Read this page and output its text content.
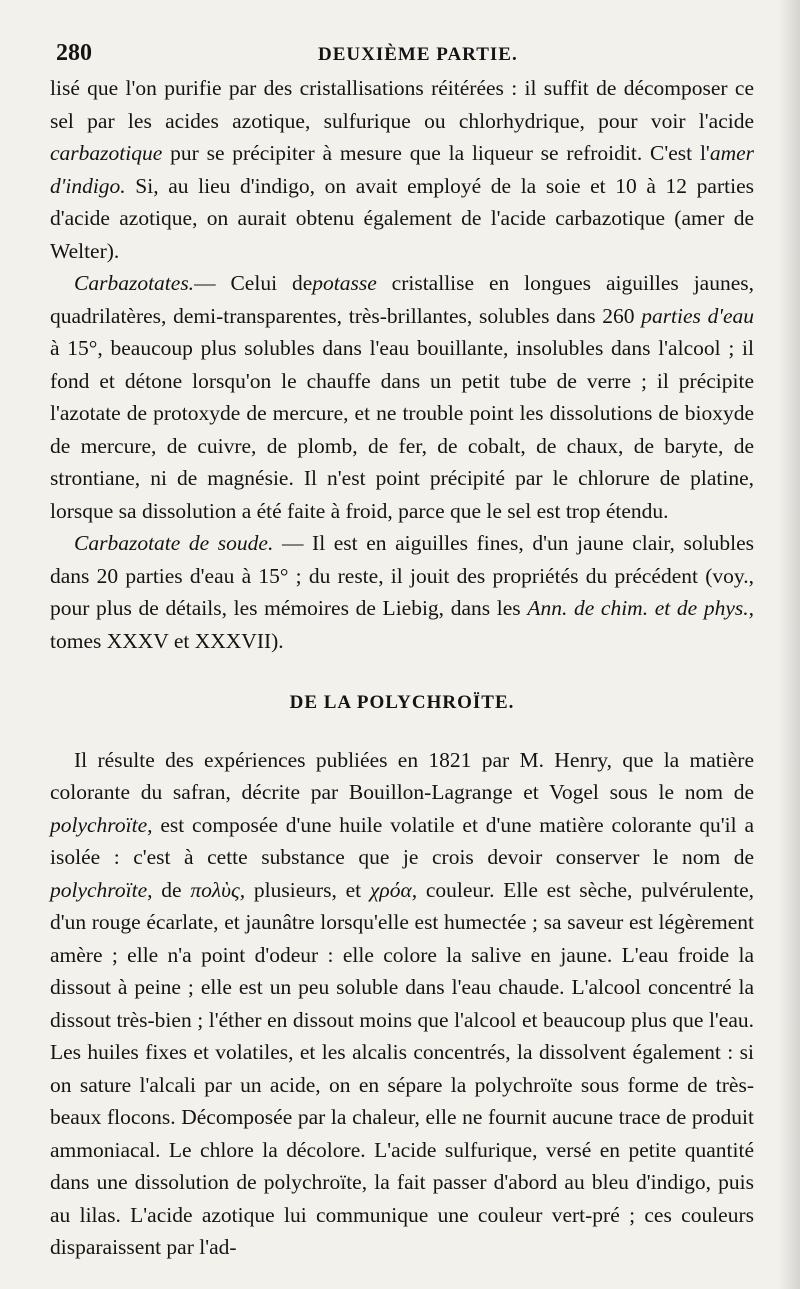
280	DEUXIÈME PARTIE.

lisé que l'on purifie par des cristallisations réitérées : il suffit de décomposer ce sel par les acides azotique, sulfurique ou chlorhydrique, pour voir l'acide carbazotique pur se précipiter à mesure que la liqueur se refroidit. C'est l'amer d'indigo. Si, au lieu d'indigo, on avait employé de la soie et 10 à 12 parties d'acide azotique, on aurait obtenu également de l'acide carbazotique (amer de Welter).

Carbazotates.— Celui depotasse cristallise en longues aiguilles jaunes, quadrilatères, demi-transparentes, très-brillantes, solubles dans 260 parties d'eau à 15°, beaucoup plus solubles dans l'eau bouillante, insolubles dans l'alcool ; il fond et détone lorsqu'on le chauffe dans un petit tube de verre ; il précipite l'azotate de protoxyde de mercure, et ne trouble point les dissolutions de bioxyde de mercure, de cuivre, de plomb, de fer, de cobalt, de chaux, de baryte, de strontiane, ni de magnésie. Il n'est point précipité par le chlorure de platine, lorsque sa dissolution a été faite à froid, parce que le sel est trop étendu.

Carbazotate de soude. — Il est en aiguilles fines, d'un jaune clair, solubles dans 20 parties d'eau à 15° ; du reste, il jouit des propriétés du précédent (voy., pour plus de détails, les mémoires de Liebig, dans les Ann. de chim. et de phys., tomes XXXV et XXXVII).

DE LA POLYCHROÏTE.

Il résulte des expériences publiées en 1821 par M. Henry, que la matière colorante du safran, décrite par Bouillon-Lagrange et Vogel sous le nom de polychroïte, est composée d'une huile volatile et d'une matière colorante qu'il a isolée : c'est à cette substance que je crois devoir conserver le nom de polychroïte, de πολὺς, plusieurs, et χρόα, couleur. Elle est sèche, pulvérulente, d'un rouge écarlate, et jaunâtre lorsqu'elle est humectée ; sa saveur est légèrement amère ; elle n'a point d'odeur : elle colore la salive en jaune. L'eau froide la dissout à peine ; elle est un peu soluble dans l'eau chaude. L'alcool concentré la dissout très-bien ; l'éther en dissout moins que l'alcool et beaucoup plus que l'eau. Les huiles fixes et volatiles, et les alcalis concentrés, la dissolvent également : si on sature l'alcali par un acide, on en sépare la polychroïte sous forme de très-beaux flocons. Décomposée par la chaleur, elle ne fournit aucune trace de produit ammoniacal. Le chlore la décolore. L'acide sulfurique, versé en petite quantité dans une dissolution de polychroïte, la fait passer d'abord au bleu d'indigo, puis au lilas. L'acide azotique lui communique une couleur vert-pré ; ces couleurs disparaissent par l'ad-
